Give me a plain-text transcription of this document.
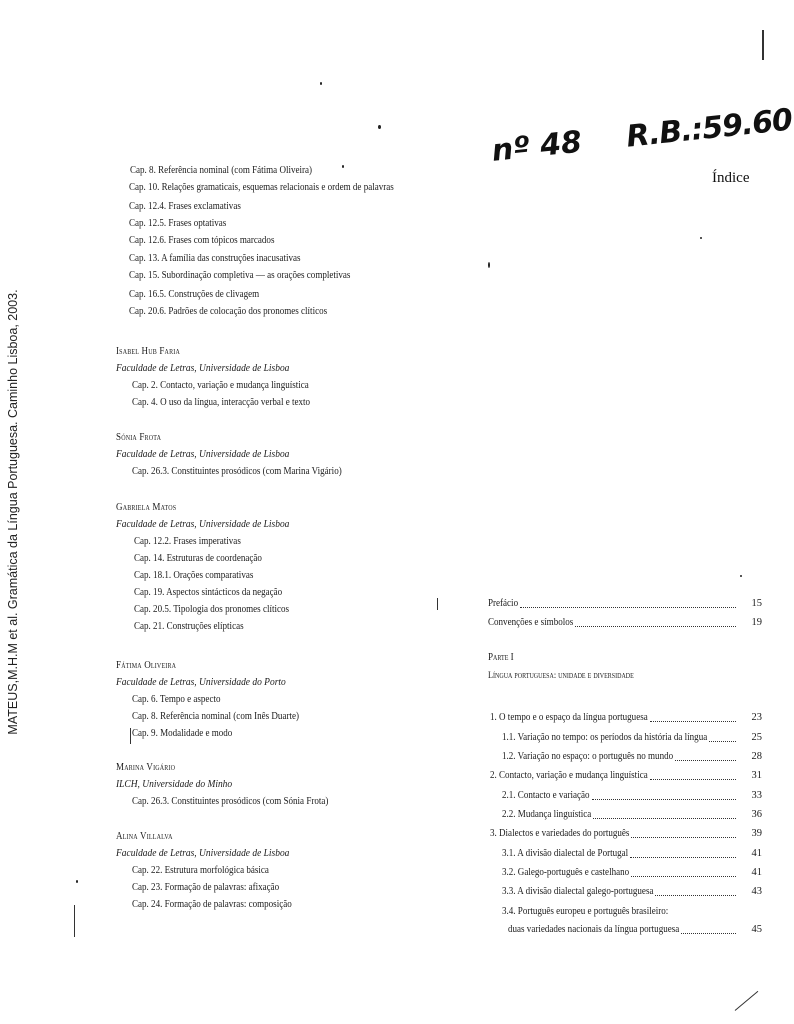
MATEUS,M.H.M et al. Gramática da Língua Portuguesa. Caminho Lisboa, 2003.
Cap. 8. Referência nominal (com Fátima Oliveira)
Cap. 10. Relações gramaticais, esquemas relacionais e ordem de palavras
Cap. 12.4. Frases exclamativas
Cap. 12.5. Frases optativas
Cap. 12.6. Frases com tópicos marcados
Cap. 13. A família das construções inacusativas
Cap. 15. Subordinação completiva — as orações completivas
Cap. 16.5. Construções de clivagem
Cap. 20.6. Padrões de colocação dos pronomes clíticos
Isabel Hub Faria
Faculdade de Letras, Universidade de Lisboa
Cap. 2. Contacto, variação e mudança linguística
Cap. 4. O uso da língua, interacção verbal e texto
Sónia Frota
Faculdade de Letras, Universidade de Lisboa
Cap. 26.3. Constituintes prosódicos (com Marina Vigário)
Gabriela Matos
Faculdade de Letras, Universidade de Lisboa
Cap. 12.2. Frases imperativas
Cap. 14. Estruturas de coordenação
Cap. 18.1. Orações comparativas
Cap. 19. Aspectos sintácticos da negação
Cap. 20.5. Tipologia dos pronomes clíticos
Cap. 21. Construções elípticas
Fátima Oliveira
Faculdade de Letras, Universidade do Porto
Cap. 6. Tempo e aspecto
Cap. 8. Referência nominal (com Inês Duarte)
Cap. 9. Modalidade e modo
Marina Vigário
ILCH, Universidade do Minho
Cap. 26.3. Constituintes prosódicos (com Sónia Frota)
Alina Villalva
Faculdade de Letras, Universidade de Lisboa
Cap. 22. Estrutura morfológica básica
Cap. 23. Formação de palavras: afixação
Cap. 24. Formação de palavras: composição
nº 48 R.B.:59.60
Índice
Prefácio	15
Convenções e símbolos	19
Parte I
Língua portuguesa: unidade e diversidade
1. O tempo e o espaço da língua portuguesa	23
1.1. Variação no tempo: os períodos da história da língua	25
1.2. Variação no espaço: o português no mundo	28
2. Contacto, variação e mudança linguística	31
2.1. Contacto e variação	33
2.2. Mudança linguística	36
3. Dialectos e variedades do português	39
3.1. A divisão dialectal de Portugal	41
3.2. Galego-português e castelhano	41
3.3. A divisão dialectal galego-portuguesa	43
3.4. Português europeu e português brasileiro:
duas variedades nacionais da língua portuguesa	45
